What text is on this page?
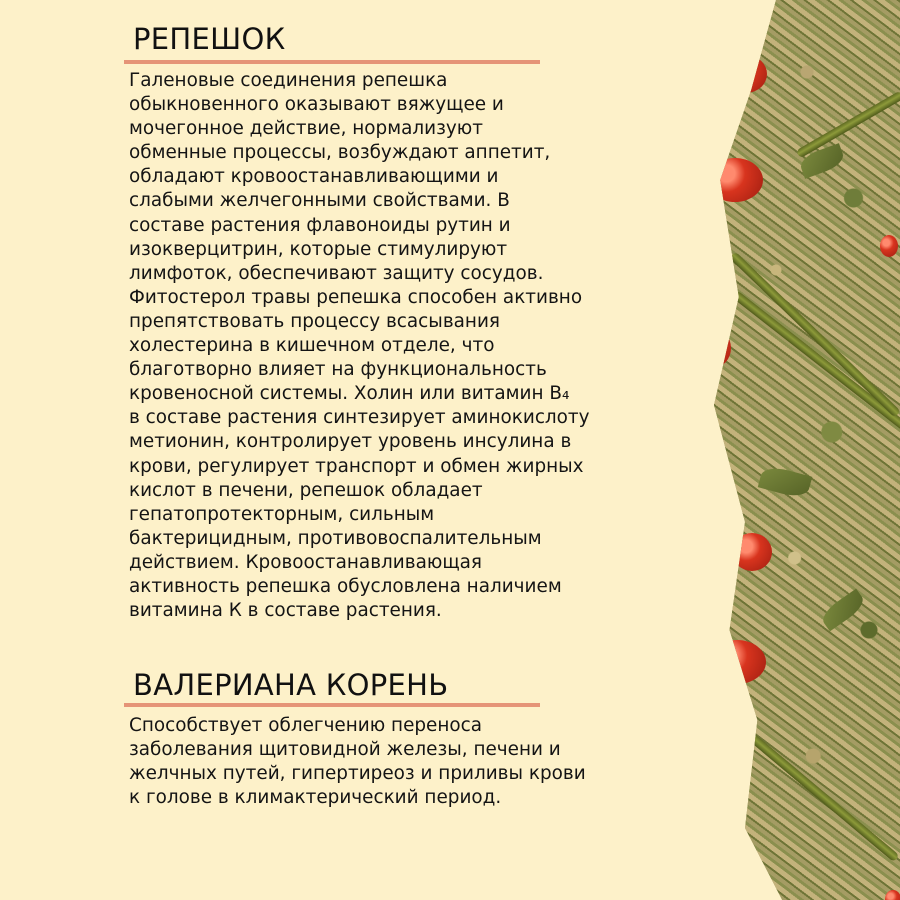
РЕПЕШОК

Галеновые соединения репешка
обыкновенного оказывают вяжущее и
мочегонное действие, нормализуют
обменные процессы, возбуждают аппетит,
обладают кровоостанавливающими и
слабыми желчегонными свойствами. В
составе растения флавоноиды рутин и
изокверцитрин, которые стимулируют
лимфоток, обеспечивают защиту сосудов.
Фитостерол травы репешка способен активно
препятствовать процессу всасывания
холестерина в кишечном отделе, что
благотворно влияет на функциональность
кровеносной системы. Холин или витамин В₄
в составе растения синтезирует аминокислоту
метионин, контролирует уровень инсулина в
крови, регулирует транспорт и обмен жирных
кислот в печени, репешок обладает
гепатопротекторным, сильным
бактерицидным, противовоспалительным
действием. Кровоостанавливающая
активность репешка обусловлена наличием
витамина К в составе растения.

ВАЛЕРИАНА КОРЕНЬ

Способствует облегчению переноса
заболевания щитовидной железы, печени и
желчных путей, гипертиреоз и приливы крови
к голове в климактерический период.
